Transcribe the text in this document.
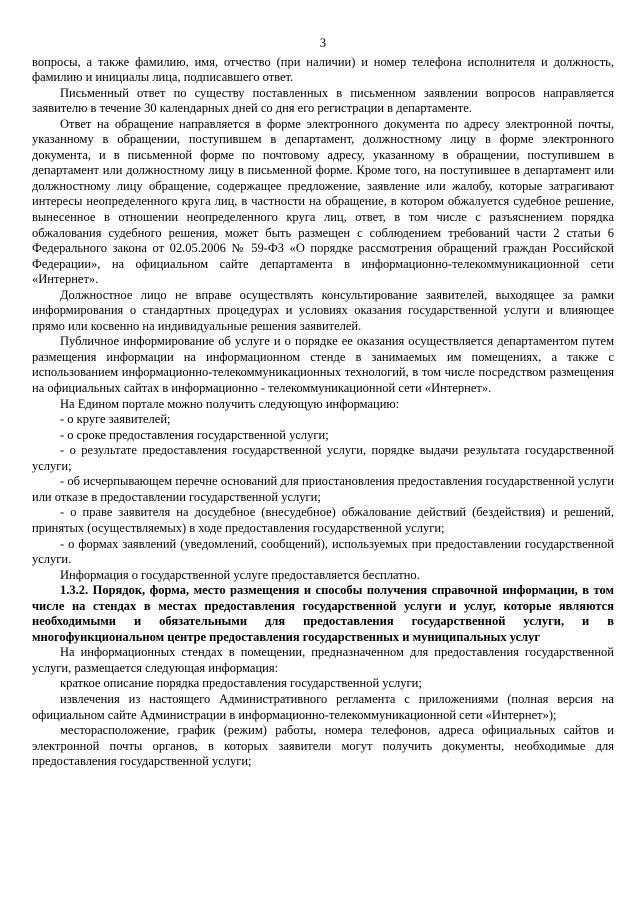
3

вопросы, а также фамилию, имя, отчество (при наличии) и номер телефона исполнителя и должность, фамилию и инициалы лица, подписавшего ответ.

Письменный ответ по существу поставленных в письменном заявлении вопросов направляется заявителю в течение 30 календарных дней со дня его регистрации в департаменте.

Ответ на обращение направляется в форме электронного документа по адресу электронной почты, указанному в обращении, поступившем в департамент, должностному лицу в форме электронного документа, и в письменной форме по почтовому адресу, указанному в обращении, поступившем в департамент или должностному лицу в письменной форме. Кроме того, на поступившее в департамент или должностному лицу обращение, содержащее предложение, заявление или жалобу, которые затрагивают интересы неопределенного круга лиц, в частности на обращение, в котором обжалуется судебное решение, вынесенное в отношении неопределенного круга лиц, ответ, в том числе с разъяснением порядка обжалования судебного решения, может быть размещен с соблюдением требований части 2 статьи 6 Федерального закона от 02.05.2006 № 59-ФЗ «О порядке рассмотрения обращений граждан Российской Федерации», на официальном сайте департамента в информационно-телекоммуникационной сети «Интернет».

Должностное лицо не вправе осуществлять консультирование заявителей, выходящее за рамки информирования о стандартных процедурах и условиях оказания государственной услуги и влияющее прямо или косвенно на индивидуальные решения заявителей.

Публичное информирование об услуге и о порядке ее оказания осуществляется департаментом путем размещения информации на информационном стенде в занимаемых им помещениях, а также с использованием информационно-телекоммуникационных технологий, в том числе посредством размещения на официальных сайтах в информационно - телекоммуникационной сети «Интернет».

На Едином портале можно получить следующую информацию:

- о круге заявителей;

- о сроке предоставления государственной услуги;

- о результате предоставления государственной услуги, порядке выдачи результата государственной услуги;

- об исчерпывающем перечне оснований для приостановления предоставления государственной услуги или отказе в предоставлении государственной услуги;

- о праве заявителя на досудебное (внесудебное) обжалование действий (бездействия) и решений, принятых (осуществляемых) в ходе предоставления государственной услуги;

- о формах заявлений (уведомлений, сообщений), используемых при предоставлении государственной услуги.

Информация о государственной услуге предоставляется бесплатно.

1.3.2. Порядок, форма, место размещения и способы получения справочной информации, в том числе на стендах в местах предоставления государственной услуги и услуг, которые являются необходимыми и обязательными для предоставления государственной услуги, и в многофункциональном центре предоставления государственных и муниципальных услуг

На информационных стендах в помещении, предназначенном для предоставления государственной услуги, размещается следующая информация:

краткое описание порядка предоставления государственной услуги;

извлечения из настоящего Административного регламента с приложениями (полная версия на официальном сайте Администрации в информационно-телекоммуникационной сети «Интернет»);

месторасположение, график (режим) работы, номера телефонов, адреса официальных сайтов и электронной почты органов, в которых заявители могут получить документы, необходимые для предоставления государственной услуги;
